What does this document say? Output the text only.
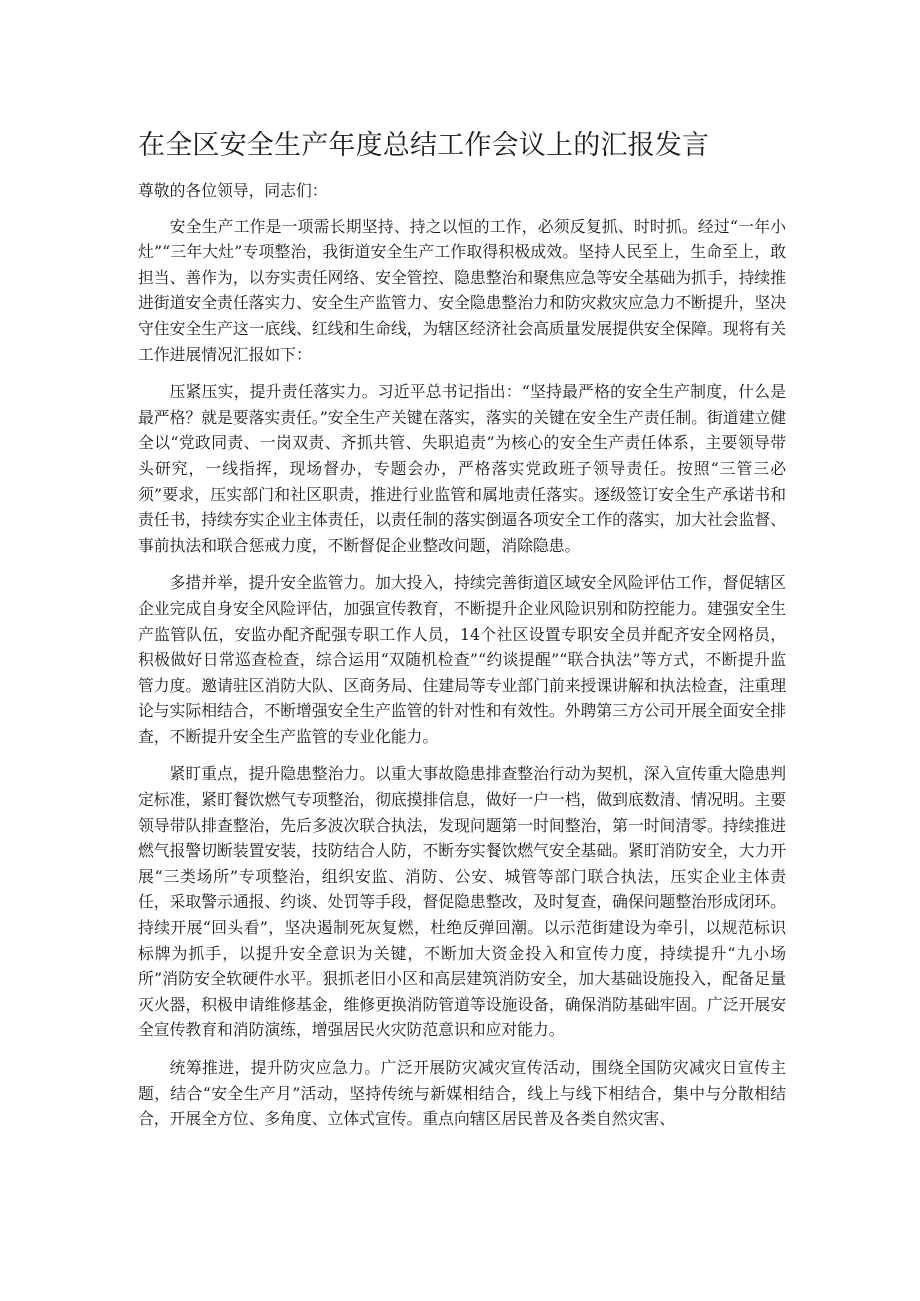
在全区安全生产年度总结工作会议上的汇报发言

尊敬的各位领导，同志们：

安全生产工作是一项需长期坚持、持之以恒的工作，必须反复抓、时时抓。经过“一年小灶”“三年大灶”专项整治，我街道安全生产工作取得积极成效。坚持人民至上，生命至上，敢担当、善作为，以夯实责任网络、安全管控、隐患整治和聚焦应急等安全基础为抓手，持续推进街道安全责任落实力、安全生产监管力、安全隐患整治力和防灾救灾应急力不断提升，坚决守住安全生产这一底线、红线和生命线，为辖区经济社会高质量发展提供安全保障。现将有关工作进展情况汇报如下：

压紧压实，提升责任落实力。习近平总书记指出：“坚持最严格的安全生产制度，什么是最严格？就是要落实责任。”安全生产关键在落实，落实的关键在安全生产责任制。街道建立健全以“党政同责、一岗双责、齐抓共管、失职追责”为核心的安全生产责任体系，主要领导带头研究，一线指挥，现场督办，专题会办，严格落实党政班子领导责任。按照“三管三必须”要求，压实部门和社区职责，推进行业监管和属地责任落实。逐级签订安全生产承诺书和责任书，持续夯实企业主体责任，以责任制的落实倒逼各项安全工作的落实，加大社会监督、事前执法和联合惩戒力度，不断督促企业整改问题，消除隐患。

多措并举，提升安全监管力。加大投入，持续完善街道区域安全风险评估工作，督促辖区企业完成自身安全风险评估，加强宣传教育，不断提升企业风险识别和防控能力。建强安全生产监管队伍，安监办配齐配强专职工作人员，14个社区设置专职安全员并配齐安全网格员，积极做好日常巡查检查，综合运用“双随机检查”“约谈提醒”“联合执法”等方式，不断提升监管力度。邀请驻区消防大队、区商务局、住建局等专业部门前来授课讲解和执法检查，注重理论与实际相结合，不断增强安全生产监管的针对性和有效性。外聘第三方公司开展全面安全排查，不断提升安全生产监管的专业化能力。

紧盯重点，提升隐患整治力。以重大事故隐患排查整治行动为契机，深入宣传重大隐患判定标准，紧盯餐饮燃气专项整治，彻底摸排信息，做好一户一档，做到底数清、情况明。主要领导带队排查整治，先后多波次联合执法，发现问题第一时间整治，第一时间清零。持续推进燃气报警切断装置安装，技防结合人防，不断夯实餐饮燃气安全基础。紧盯消防安全，大力开展“三类场所”专项整治，组织安监、消防、公安、城管等部门联合执法，压实企业主体责任，采取警示通报、约谈、处罚等手段，督促隐患整改，及时复查，确保问题整治形成闭环。持续开展“回头看”，坚决遏制死灰复燃，杜绝反弹回潮。以示范街建设为牵引，以规范标识标牌为抓手，以提升安全意识为关键，不断加大资金投入和宣传力度，持续提升“九小场所”消防安全软硬件水平。狠抓老旧小区和高层建筑消防安全，加大基础设施投入，配备足量灭火器，积极申请维修基金，维修更换消防管道等设施设备，确保消防基础牢固。广泛开展安全宣传教育和消防演练，增强居民火灾防范意识和应对能力。

统筹推进，提升防灾应急力。广泛开展防灾减灾宣传活动，围绕全国防灾减灾日宣传主题，结合“安全生产月”活动，坚持传统与新媒相结合，线上与线下相结合，集中与分散相结合，开展全方位、多角度、立体式宣传。重点向辖区居民普及各类自然灾害、
